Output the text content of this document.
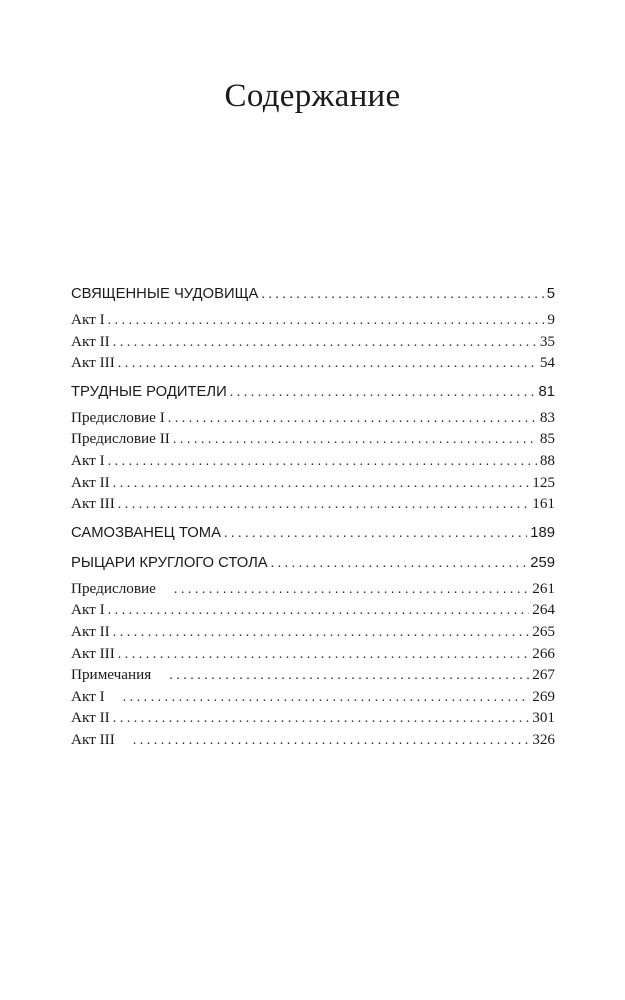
Содержание
СВЯЩЕННЫЕ ЧУДОВИЩА . . .	5
Акт I . . .	9
Акт II . . .	35
Акт III . . .	54
ТРУДНЫЕ РОДИТЕЛИ . . .	81
Предисловие I . . .	83
Предисловие II . . .	85
Акт I . . .	88
Акт II . . .	125
Акт III . . .	161
САМОЗВАНЕЦ ТОМА . . .	189
РЫЦАРИ КРУГЛОГО СТОЛА . . .	259
Предисловие . . .	261
Акт I . . .	264
Акт II . . .	265
Акт III . . .	266
Примечания . . .	267
Акт I . . .	269
Акт II . . .	301
Акт III . . .	326
